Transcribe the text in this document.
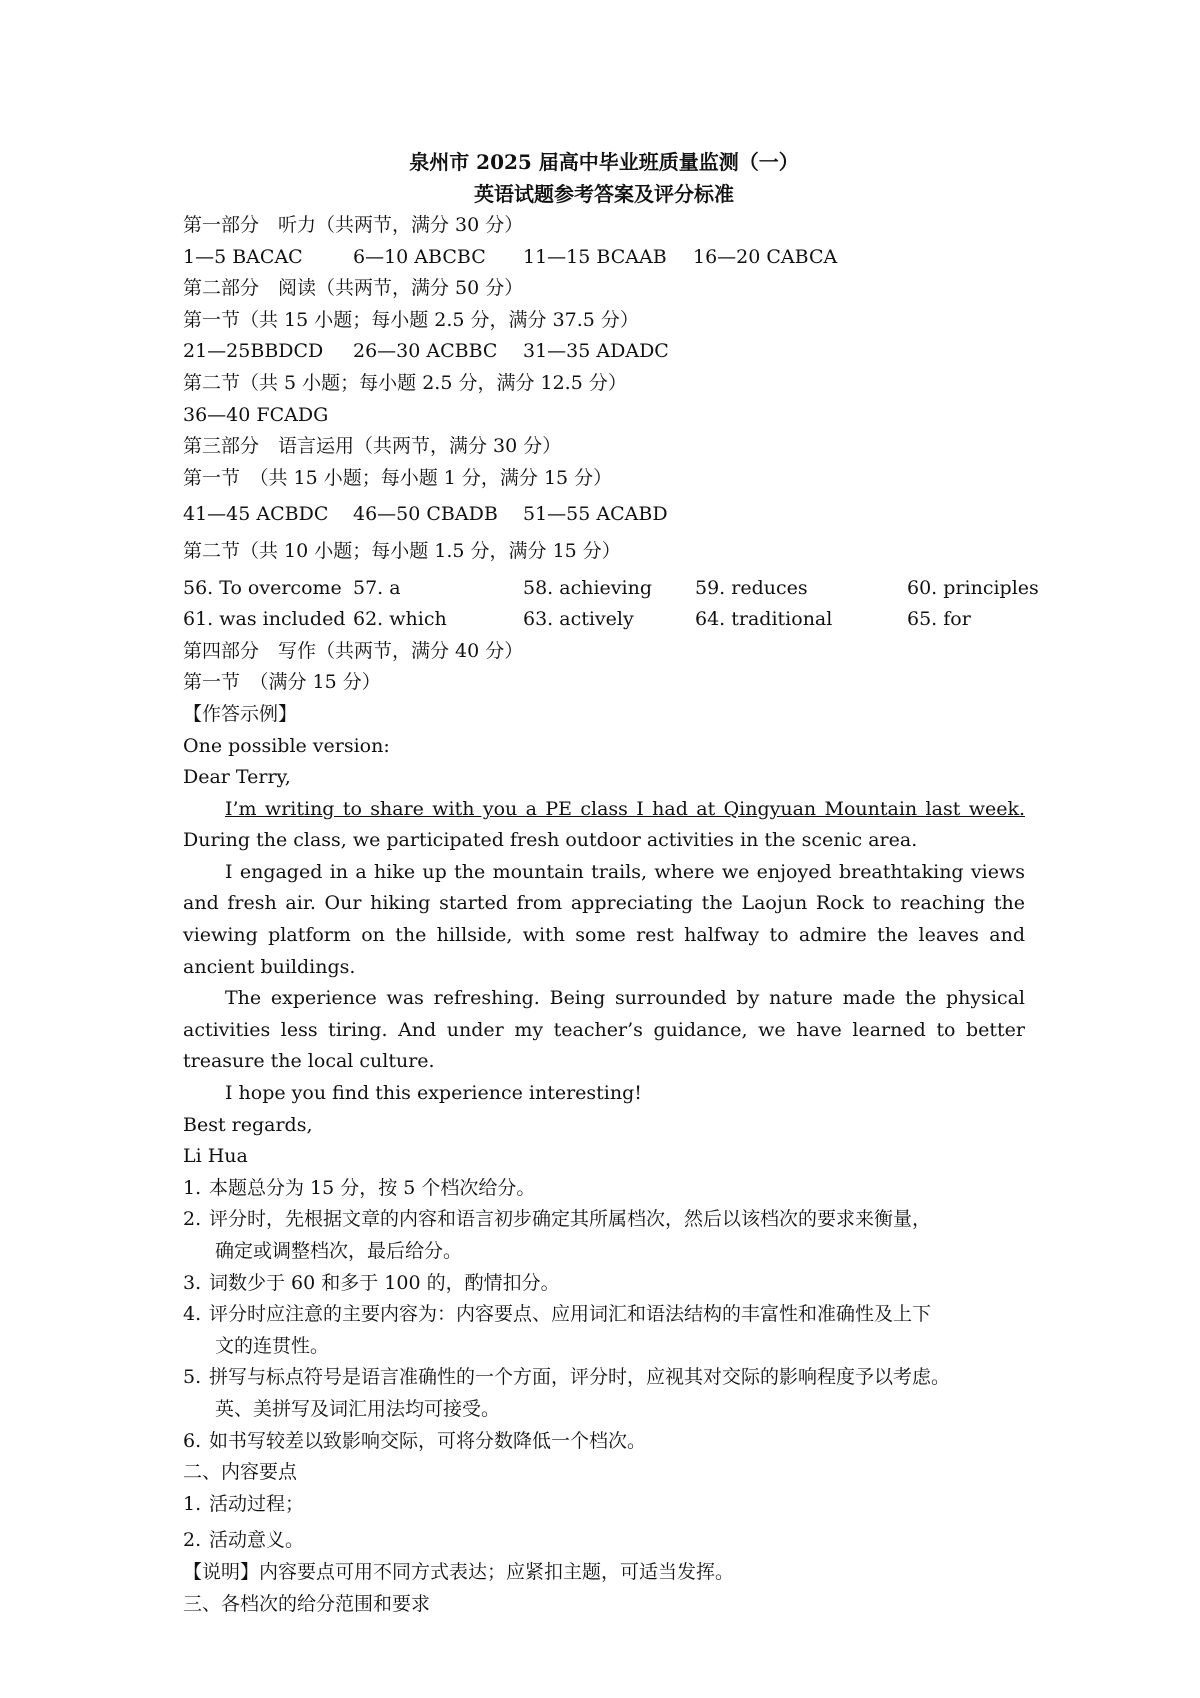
泉州市 2025 届高中毕业班质量监测（一）
英语试题参考答案及评分标准
第一部分　听力（共两节，满分 30 分）
1—5 BACAC	6—10 ABCBC	11—15 BCAAB	16—20 CABCA
第二部分　阅读（共两节，满分 50 分）
第一节（共 15 小题；每小题 2.5 分，满分 37.5 分）
21—25BBDCD	26—30 ACBBC	31—35 ADADC
第二节（共 5 小题；每小题 2.5 分，满分 12.5 分）
36—40 FCADG
第三部分　语言运用（共两节，满分 30 分）
第一节　（共 15 小题；每小题 1 分，满分 15 分）
41—45 ACBDC	46—50 CBADB	51—55 ACABD
第二节（共 10 小题；每小题 1.5 分，满分 15 分）
56. To overcome 57. a	58. achieving	59. reduces	60. principles
61. was included 62. which	63. actively	64. traditional	65. for
第四部分　写作（共两节，满分 40 分）
第一节　（满分 15 分）
【作答示例】
One possible version:
Dear Terry,
I’m writing to share with you a PE class I had at Qingyuan Mountain last week. During the class, we participated fresh outdoor activities in the scenic area.
I engaged in a hike up the mountain trails, where we enjoyed breathtaking views and fresh air. Our hiking started from appreciating the Laojun Rock to reaching the viewing platform on the hillside, with some rest halfway to admire the leaves and ancient buildings.
The experience was refreshing. Being surrounded by nature made the physical activities less tiring. And under my teacher’s guidance, we have learned to better treasure the local culture.
I hope you find this experience interesting!
Best regards,
Li Hua
1. 本题总分为 15 分，按 5 个档次给分。
2. 评分时，先根据文章的内容和语言初步确定其所属档次，然后以该档次的要求来衡量，
确定或调整档次，最后给分。
3. 词数少于 60 和多于 100 的，酌情扣分。
4. 评分时应注意的主要内容为：内容要点、应用词汇和语法结构的丰富性和准确性及上下
文的连贯性。
5. 拼写与标点符号是语言准确性的一个方面，评分时，应视其对交际的影响程度予以考虑。
英、美拼写及词汇用法均可接受。
6. 如书写较差以致影响交际，可将分数降低一个档次。
二、内容要点
1. 活动过程；
2. 活动意义。
【说明】内容要点可用不同方式表达；应紧扣主题，可适当发挥。
三、各档次的给分范围和要求
